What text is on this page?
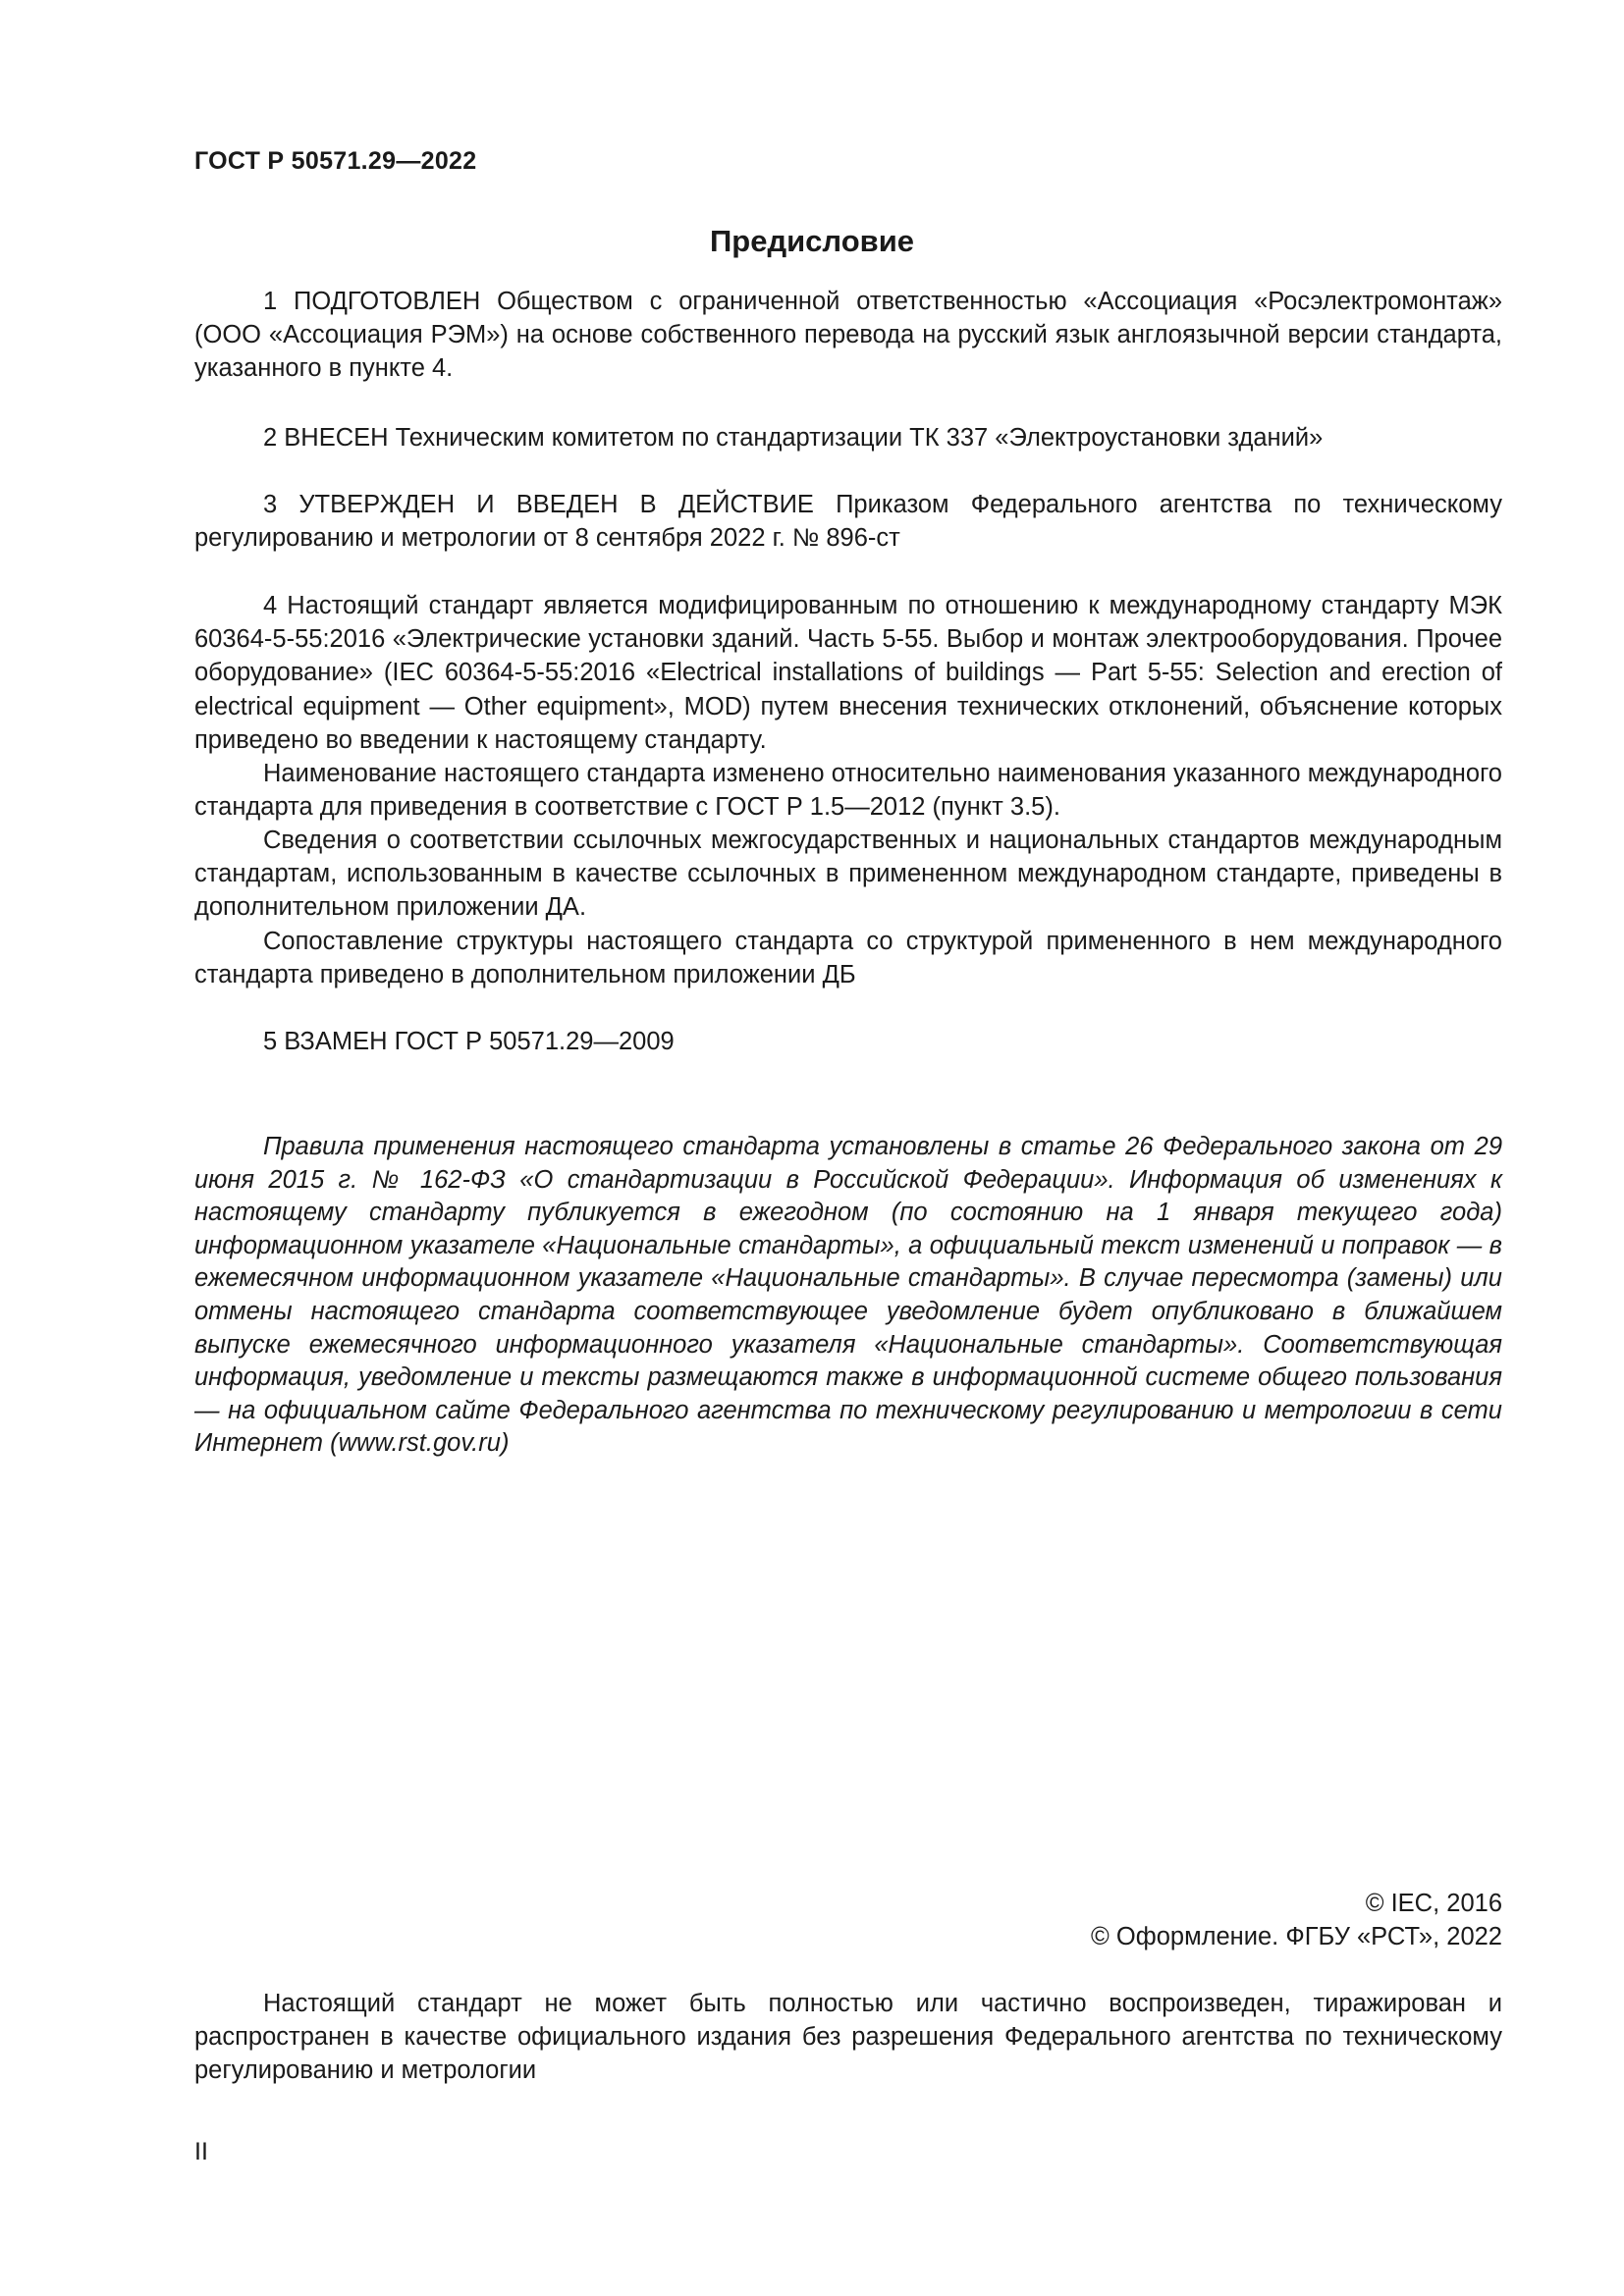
ГОСТ Р 50571.29—2022
Предисловие

1 ПОДГОТОВЛЕН Обществом с ограниченной ответственностью «Ассоциация «Росэлектромонтаж» (ООО «Ассоциация РЭМ») на основе собственного перевода на русский язык англоязычной версии стандарта, указанного в пункте 4.

2 ВНЕСЕН Техническим комитетом по стандартизации ТК 337 «Электроустановки зданий»

3 УТВЕРЖДЕН И ВВЕДЕН В ДЕЙСТВИЕ Приказом Федерального агентства по техническому регулированию и метрологии от 8 сентября 2022 г. № 896-ст

4 Настоящий стандарт является модифицированным по отношению к международному стандарту МЭК 60364-5-55:2016 «Электрические установки зданий. Часть 5-55. Выбор и монтаж электрооборудования. Прочее оборудование» (IEC 60364-5-55:2016 «Electrical installations of buildings — Part 5-55: Selection and erection of electrical equipment — Other equipment», MOD) путем внесения технических отклонений, объяснение которых приведено во введении к настоящему стандарту.

Наименование настоящего стандарта изменено относительно наименования указанного международного стандарта для приведения в соответствие с ГОСТ Р 1.5—2012 (пункт 3.5).

Сведения о соответствии ссылочных межгосударственных и национальных стандартов международным стандартам, использованным в качестве ссылочных в примененном международном стандарте, приведены в дополнительном приложении ДА.

Сопоставление структуры настоящего стандарта со структурой примененного в нем международного стандарта приведено в дополнительном приложении ДБ

5 ВЗАМЕН ГОСТ Р 50571.29—2009

Правила применения настоящего стандарта установлены в статье 26 Федерального закона от 29 июня 2015 г. № 162-ФЗ «О стандартизации в Российской Федерации». Информация об изменениях к настоящему стандарту публикуется в ежегодном (по состоянию на 1 января текущего года) информационном указателе «Национальные стандарты», а официальный текст изменений и поправок — в ежемесячном информационном указателе «Национальные стандарты». В случае пересмотра (замены) или отмены настоящего стандарта соответствующее уведомление будет опубликовано в ближайшем выпуске ежемесячного информационного указателя «Национальные стандарты». Соответствующая информация, уведомление и тексты размещаются также в информационной системе общего пользования — на официальном сайте Федерального агентства по техническому регулированию и метрологии в сети Интернет (www.rst.gov.ru)

© IEC, 2016
© Оформление. ФГБУ «РСТ», 2022

Настоящий стандарт не может быть полностью или частично воспроизведен, тиражирован и распространен в качестве официального издания без разрешения Федерального агентства по техническому регулированию и метрологии

II
